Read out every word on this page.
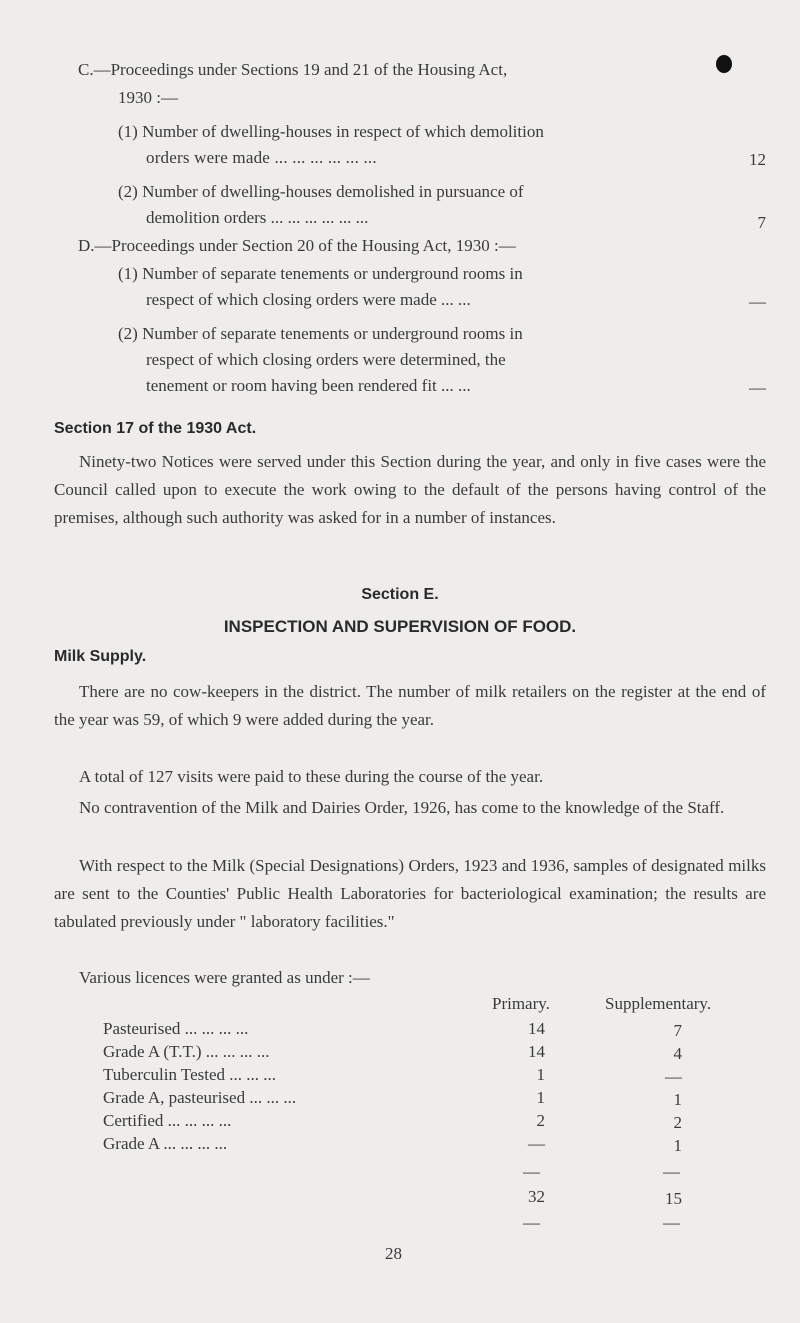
C.—Proceedings under Sections 19 and 21 of the Housing Act,
1930 :—
(1) Number of dwelling-houses in respect of which demolition
orders were made ... ... ... ... ... ...	12
(2) Number of dwelling-houses demolished in pursuance of
demolition orders ... ... ... ... ... ...	7
D.—Proceedings under Section 20 of the Housing Act, 1930 :—
(1) Number of separate tenements or underground rooms in
respect of which closing orders were made ... ...	—
(2) Number of separate tenements or underground rooms in
respect of which closing orders were determined, the
tenement or room having been rendered fit ... ...	—
Section 17 of the 1930 Act.
Ninety-two Notices were served under this Section during the year, and only in five cases were the Council called upon to execute the work owing to the default of the persons having control of the premises, although such authority was asked for in a number of instances.
Section E.
INSPECTION AND SUPERVISION OF FOOD.
Milk Supply.
There are no cow-keepers in the district. The number of milk retailers on the register at the end of the year was 59, of which 9 were added during the year.
A total of 127 visits were paid to these during the course of the year.
No contravention of the Milk and Dairies Order, 1926, has come to the knowledge of the Staff.
With respect to the Milk (Special Designations) Orders, 1923 and 1936, samples of designated milks are sent to the Counties' Public Health Laboratories for bacteriological examination; the results are tabulated previously under " laboratory facilities."
Various licences were granted as under :—
Primary.	Supplementary.
Pasteurised ... ... ... ...	14	7
Grade A (T.T.) ... ... ... ...	14	4
Tuberculin Tested ... ... ...	1	—
Grade A, pasteurised ... ... ...	1	1
Certified ... ... ... ...	2	2
Grade A ... ... ... ...	—	1
—	—
32	15
—	—
28
